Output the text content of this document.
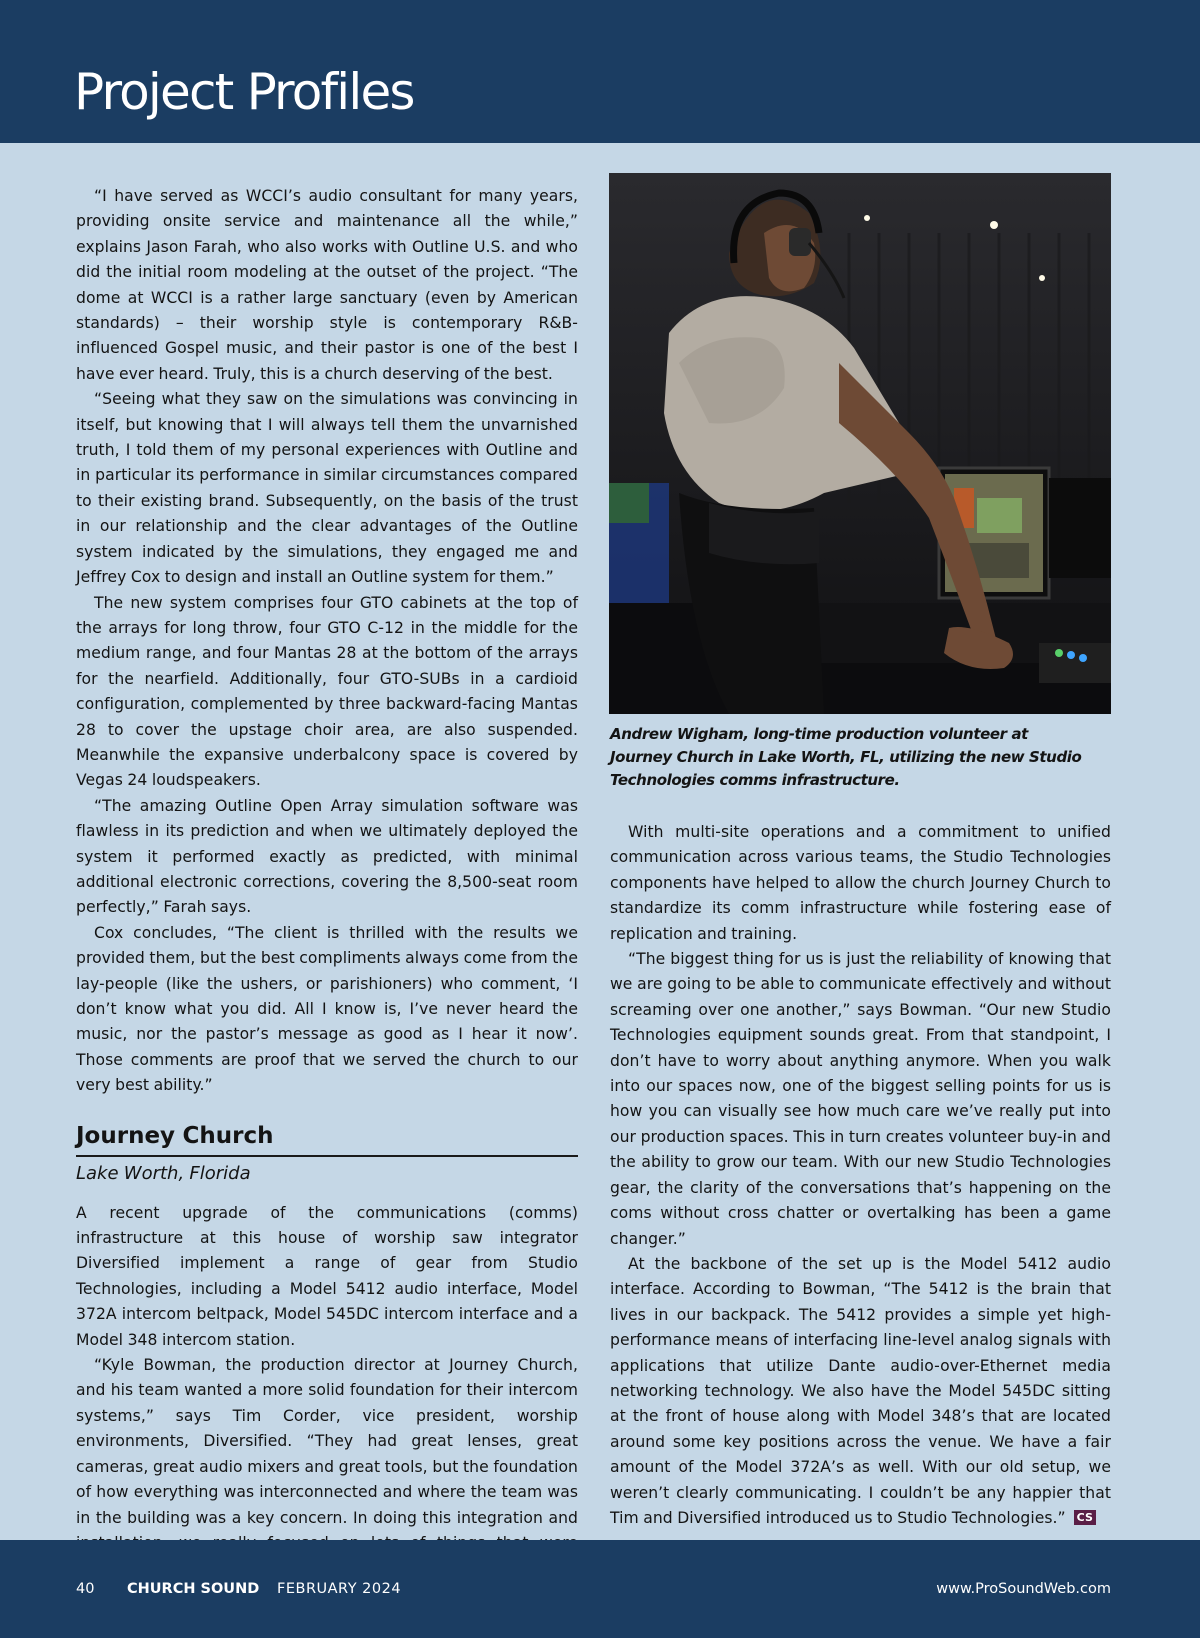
Project Profiles

“I have served as WCCI’s audio consultant for many years, providing onsite service and maintenance all the while,” explains Jason Farah, who also works with Outline U.S. and who did the initial room modeling at the outset of the project. “The dome at WCCI is a rather large sanctuary (even by American standards) – their worship style is contemporary R&B-influenced Gospel music, and their pastor is one of the best I have ever heard. Truly, this is a church deserving of the best.

“Seeing what they saw on the simulations was convincing in itself, but knowing that I will always tell them the unvarnished truth, I told them of my personal experiences with Outline and in particular its performance in similar circumstances compared to their existing brand. Subsequently, on the basis of the trust in our relationship and the clear advantages of the Outline system indicated by the simulations, they engaged me and Jeffrey Cox to design and install an Outline system for them.”

The new system comprises four GTO cabinets at the top of the arrays for long throw, four GTO C-12 in the middle for the medium range, and four Mantas 28 at the bottom of the arrays for the nearfield. Additionally, four GTO-SUBs in a cardioid configuration, complemented by three backward-facing Mantas 28 to cover the upstage choir area, are also suspended. Meanwhile the expansive underbalcony space is covered by Vegas 24 loudspeakers.

“The amazing Outline Open Array simulation software was flawless in its prediction and when we ultimately deployed the system it performed exactly as predicted, with minimal additional electronic corrections, covering the 8,500-seat room perfectly,” Farah says.

Cox concludes, “The client is thrilled with the results we provided them, but the best compliments always come from the lay-people (like the ushers, or parishioners) who comment, ‘I don’t know what you did. All I know is, I’ve never heard the music, nor the pastor’s message as good as I hear it now’. Those comments are proof that we served the church to our very best ability.”

Journey Church
Lake Worth, Florida

A recent upgrade of the communications (comms) infrastructure at this house of worship saw integrator Diversified implement a range of gear from Studio Technologies, including a Model 5412 audio interface, Model 372A intercom beltpack, Model 545DC intercom interface and a Model 348 intercom station.

“Kyle Bowman, the production director at Journey Church, and his team wanted a more solid foundation for their intercom systems,” says Tim Corder, vice president, worship environments, Diversified. “They had great lenses, great cameras, great audio mixers and great tools, but the foundation of how everything was interconnected and where the team was in the building was a key concern. In doing this integration and

Andrew Wigham, long-time production volunteer at Journey Church in Lake Worth, FL, utilizing the new Studio Technologies comms infrastructure.

With multi-site operations and a commitment to unified communication across various teams, the Studio Technologies components have helped to allow the church Journey Church to standardize its comm infrastructure while fostering ease of replication and training.

“The biggest thing for us is just the reliability of knowing that we are going to be able to communicate effectively and without screaming over one another,” says Bowman. “Our new Studio Technologies equipment sounds great. From that standpoint, I don’t have to worry about anything anymore. When you walk into our spaces now, one of the biggest selling points for us is how you can visually see how much care we’ve really put into our production spaces. This in turn creates volunteer buy-in and the ability to grow our team. With our new Studio Technologies gear, the clarity of the conversations that’s happening on the coms without cross chatter or overtalking has been a game changer.”

At the backbone of the set up is the Model 5412 audio interface. According to Bowman, “The 5412 is the brain that lives in our backpack. The 5412 provides a simple yet high-performance means of interfacing line-level analog signals with applications that utilize Dante audio-over-Ethernet media networking technology. We also have the Model 545DC sitting at the front of house along with Model 348’s that are located around some key positions across the venue. We have a fair amount of the Model 372A’s as well. With our old setup, we weren’t clearly communicating. I couldn’t be any happier that Tim and Diversified introduced us to Studio Technologies.” CS

40 CHURCH SOUND FEBRUARY 2024	www.ProSoundWeb.com
